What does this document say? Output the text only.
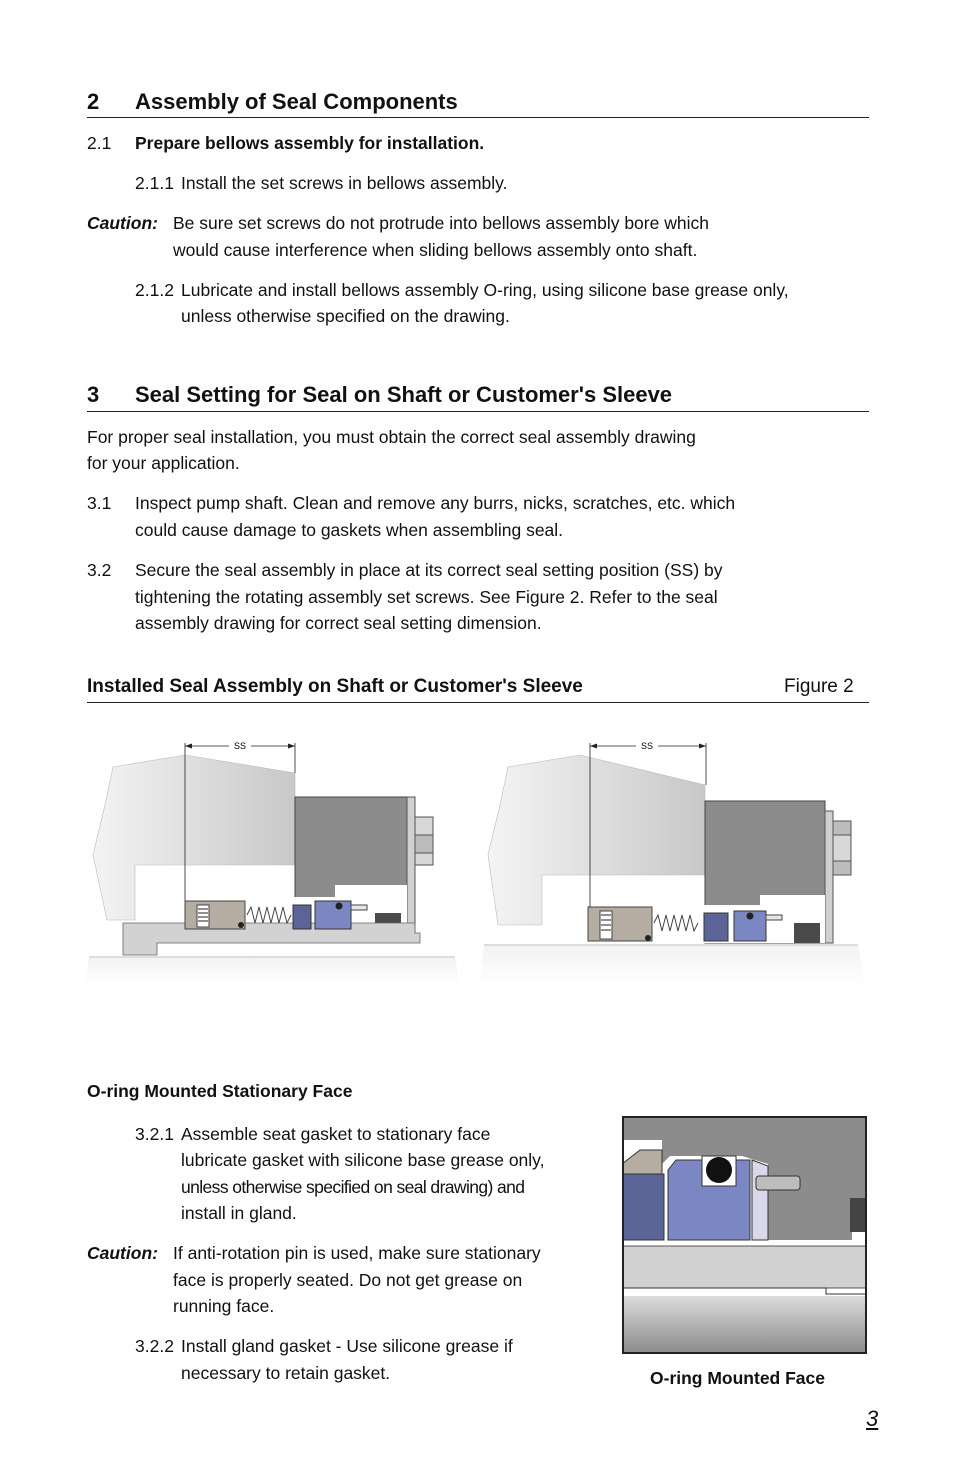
2 Assembly of Seal Components
2.1 Prepare bellows assembly for installation.
2.1.1 Install the set screws in bellows assembly.
Caution: Be sure set screws do not protrude into bellows assembly bore which
would cause interference when sliding bellows assembly onto shaft.
2.1.2 Lubricate and install bellows assembly O-ring, using silicone base grease only,
unless otherwise specified on the drawing.
3 Seal Setting for Seal on Shaft or Customer's Sleeve
For proper seal installation, you must obtain the correct seal assembly drawing
for your application.
3.1 Inspect pump shaft. Clean and remove any burrs, nicks, scratches, etc. which
could cause damage to gaskets when assembling seal.
3.2 Secure the seal assembly in place at its correct seal setting position (SS) by
tightening the rotating assembly set screws. See Figure 2. Refer to the seal
assembly drawing for correct seal setting dimension.
Installed Seal Assembly on Shaft or Customer's Sleeve	Figure 2
SS	SS
O-ring Mounted Stationary Face
3.2.1 Assemble seat gasket to stationary face
lubricate gasket with silicone base grease only,
unless otherwise specified on seal drawing) and
install in gland.
Caution: If anti-rotation pin is used, make sure stationary
face is properly seated. Do not get grease on
running face.
3.2.2 Install gland gasket - Use silicone grease if
necessary to retain gasket.	O-ring Mounted Face
3
